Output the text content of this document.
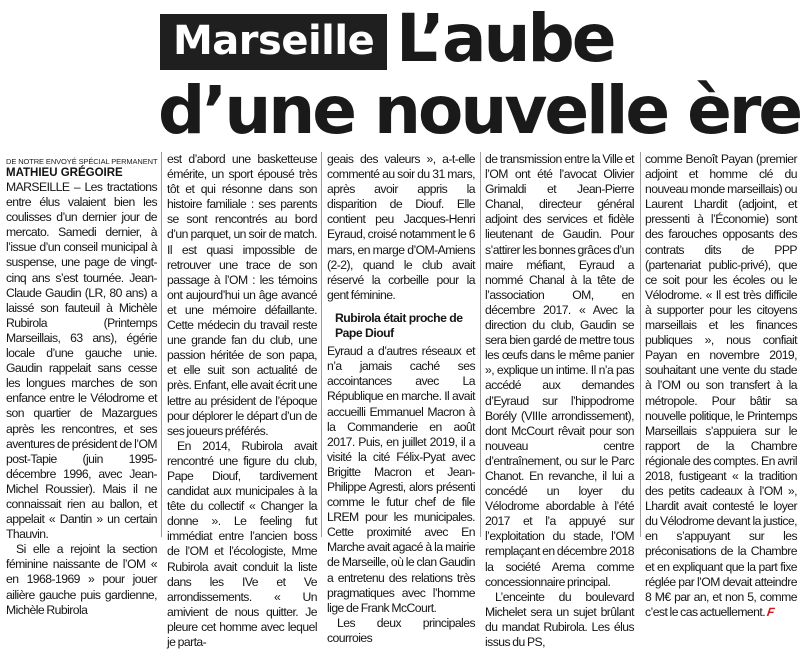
Marseille L’aube
d’une nouvelle ère
DE NOTRE ENVOYÉ SPÉCIAL PERMANENT
MATHIEU GRÉGOIRE

MARSEILLE – Les tractations entre élus valaient bien les coulisses d’un dernier jour de mercato. Samedi dernier, à l’issue d’un conseil municipal à suspense, une page de vingt-cinq ans s’est tournée. Jean-Claude Gaudin (LR, 80 ans) a laissé son fauteuil à Michèle Rubirola (Printemps Marseillais, 63 ans), égérie locale d’une gauche unie. Gaudin rappelait sans cesse les longues marches de son enfance entre le Vélodrome et son quartier de Mazargues après les rencontres, et ses aventures de président de l’OM post-Tapie (juin 1995-décembre 1996, avec Jean-Michel Roussier). Mais il ne connaissait rien au ballon, et appelait « Dantin » un certain Thauvin.

Si elle a rejoint la section féminine naissante de l’OM « en 1968-1969 » pour jouer ailière gauche puis gardienne, Michèle Rubirola

est d’abord une basketteuse émérite, un sport épousé très tôt et qui résonne dans son histoire familiale : ses parents se sont rencontrés au bord d’un parquet, un soir de match. Il est quasi impossible de retrouver une trace de son passage à l’OM : les témoins ont aujourd’hui un âge avancé et une mémoire défaillante. Cette médecin du travail reste une grande fan du club, une passion héritée de son papa, et elle suit son actualité de près. Enfant, elle avait écrit une lettre au président de l’époque pour déplorer le départ d’un de ses joueurs préférés.

En 2014, Rubirola avait rencontré une figure du club, Pape Diouf, tardivement candidat aux municipales à la tête du collectif « Changer la donne ». Le feeling fut immédiat entre l’ancien boss de l’OM et l’écologiste, Mme Rubirola avait conduit la liste dans les IVe et Ve arrondissements. « Un amivient de nous quitter. Je pleure cet homme avec lequel je parta-

geais des valeurs », a-t-elle commenté au soir du 31 mars, après avoir appris la disparition de Diouf. Elle contient peu Jacques-Henri Eyraud, croisé notamment le 6 mars, en marge d’OM-Amiens (2-2), quand le club avait réservé la corbeille pour la gent féminine.

Rubirola était proche de Pape Diouf

Eyraud a d’autres réseaux et n’a jamais caché ses accointances avec La République en marche. Il avait accueilli Emmanuel Macron à la Commanderie en août 2017. Puis, en juillet 2019, il a visité la cité Félix-Pyat avec Brigitte Macron et Jean-Philippe Agresti, alors présenti comme le futur chef de file LREM pour les municipales. Cette proximité avec En Marche avait agacé à la mairie de Marseille, où le clan Gaudin a entretenu des relations très pragmatiques avec l’homme lige de Frank McCourt.

Les deux principales courroies

de transmission entre la Ville et l’OM ont été l’avocat Olivier Grimaldi et Jean-Pierre Chanal, directeur général adjoint des services et fidèle lieutenant de Gaudin. Pour s’attirer les bonnes grâces d’un maire méfiant, Eyraud a nommé Chanal à la tête de l’association OM, en décembre 2017. « Avec la direction du club, Gaudin se sera bien gardé de mettre tous les œufs dans le même panier », explique un intime. Il n’a pas accédé aux demandes d’Eyraud sur l’hippodrome Borély (VIIIe arrondissement), dont McCourt rêvait pour son nouveau centre d’entraînement, ou sur le Parc Chanot. En revanche, il lui a concédé un loyer du Vélodrome abordable à l’été 2017 et l’a appuyé sur l’exploitation du stade, l’OM remplaçant en décembre 2018 la société Arema comme concessionnaire principal.

L’enceinte du boulevard Michelet sera un sujet brûlant du mandat Rubirola. Les élus issus du PS,

comme Benoît Payan (premier adjoint et homme clé du nouveau monde marseillais) ou Laurent Lhardit (adjoint, et pressenti à l’Économie) sont des farouches opposants des contrats dits de PPP (partenariat public-privé), que ce soit pour les écoles ou le Vélodrome. « Il est très difficile à supporter pour les citoyens marseillais et les finances publiques », nous confiait Payan en novembre 2019, souhaitant une vente du stade à l’OM ou son transfert à la métropole. Pour bâtir sa nouvelle politique, le Printemps Marseillais s’appuiera sur le rapport de la Chambre régionale des comptes. En avril 2018, fustigeant « la tradition des petits cadeaux à l’OM », Lhardit avait contesté le loyer du Vélodrome devant la justice, en s’appuyant sur les préconisations de la Chambre et en expliquant que la part fixe réglée par l’OM devait atteindre 8 M€ par an, et non 5, comme c’est le cas actuellement. F
